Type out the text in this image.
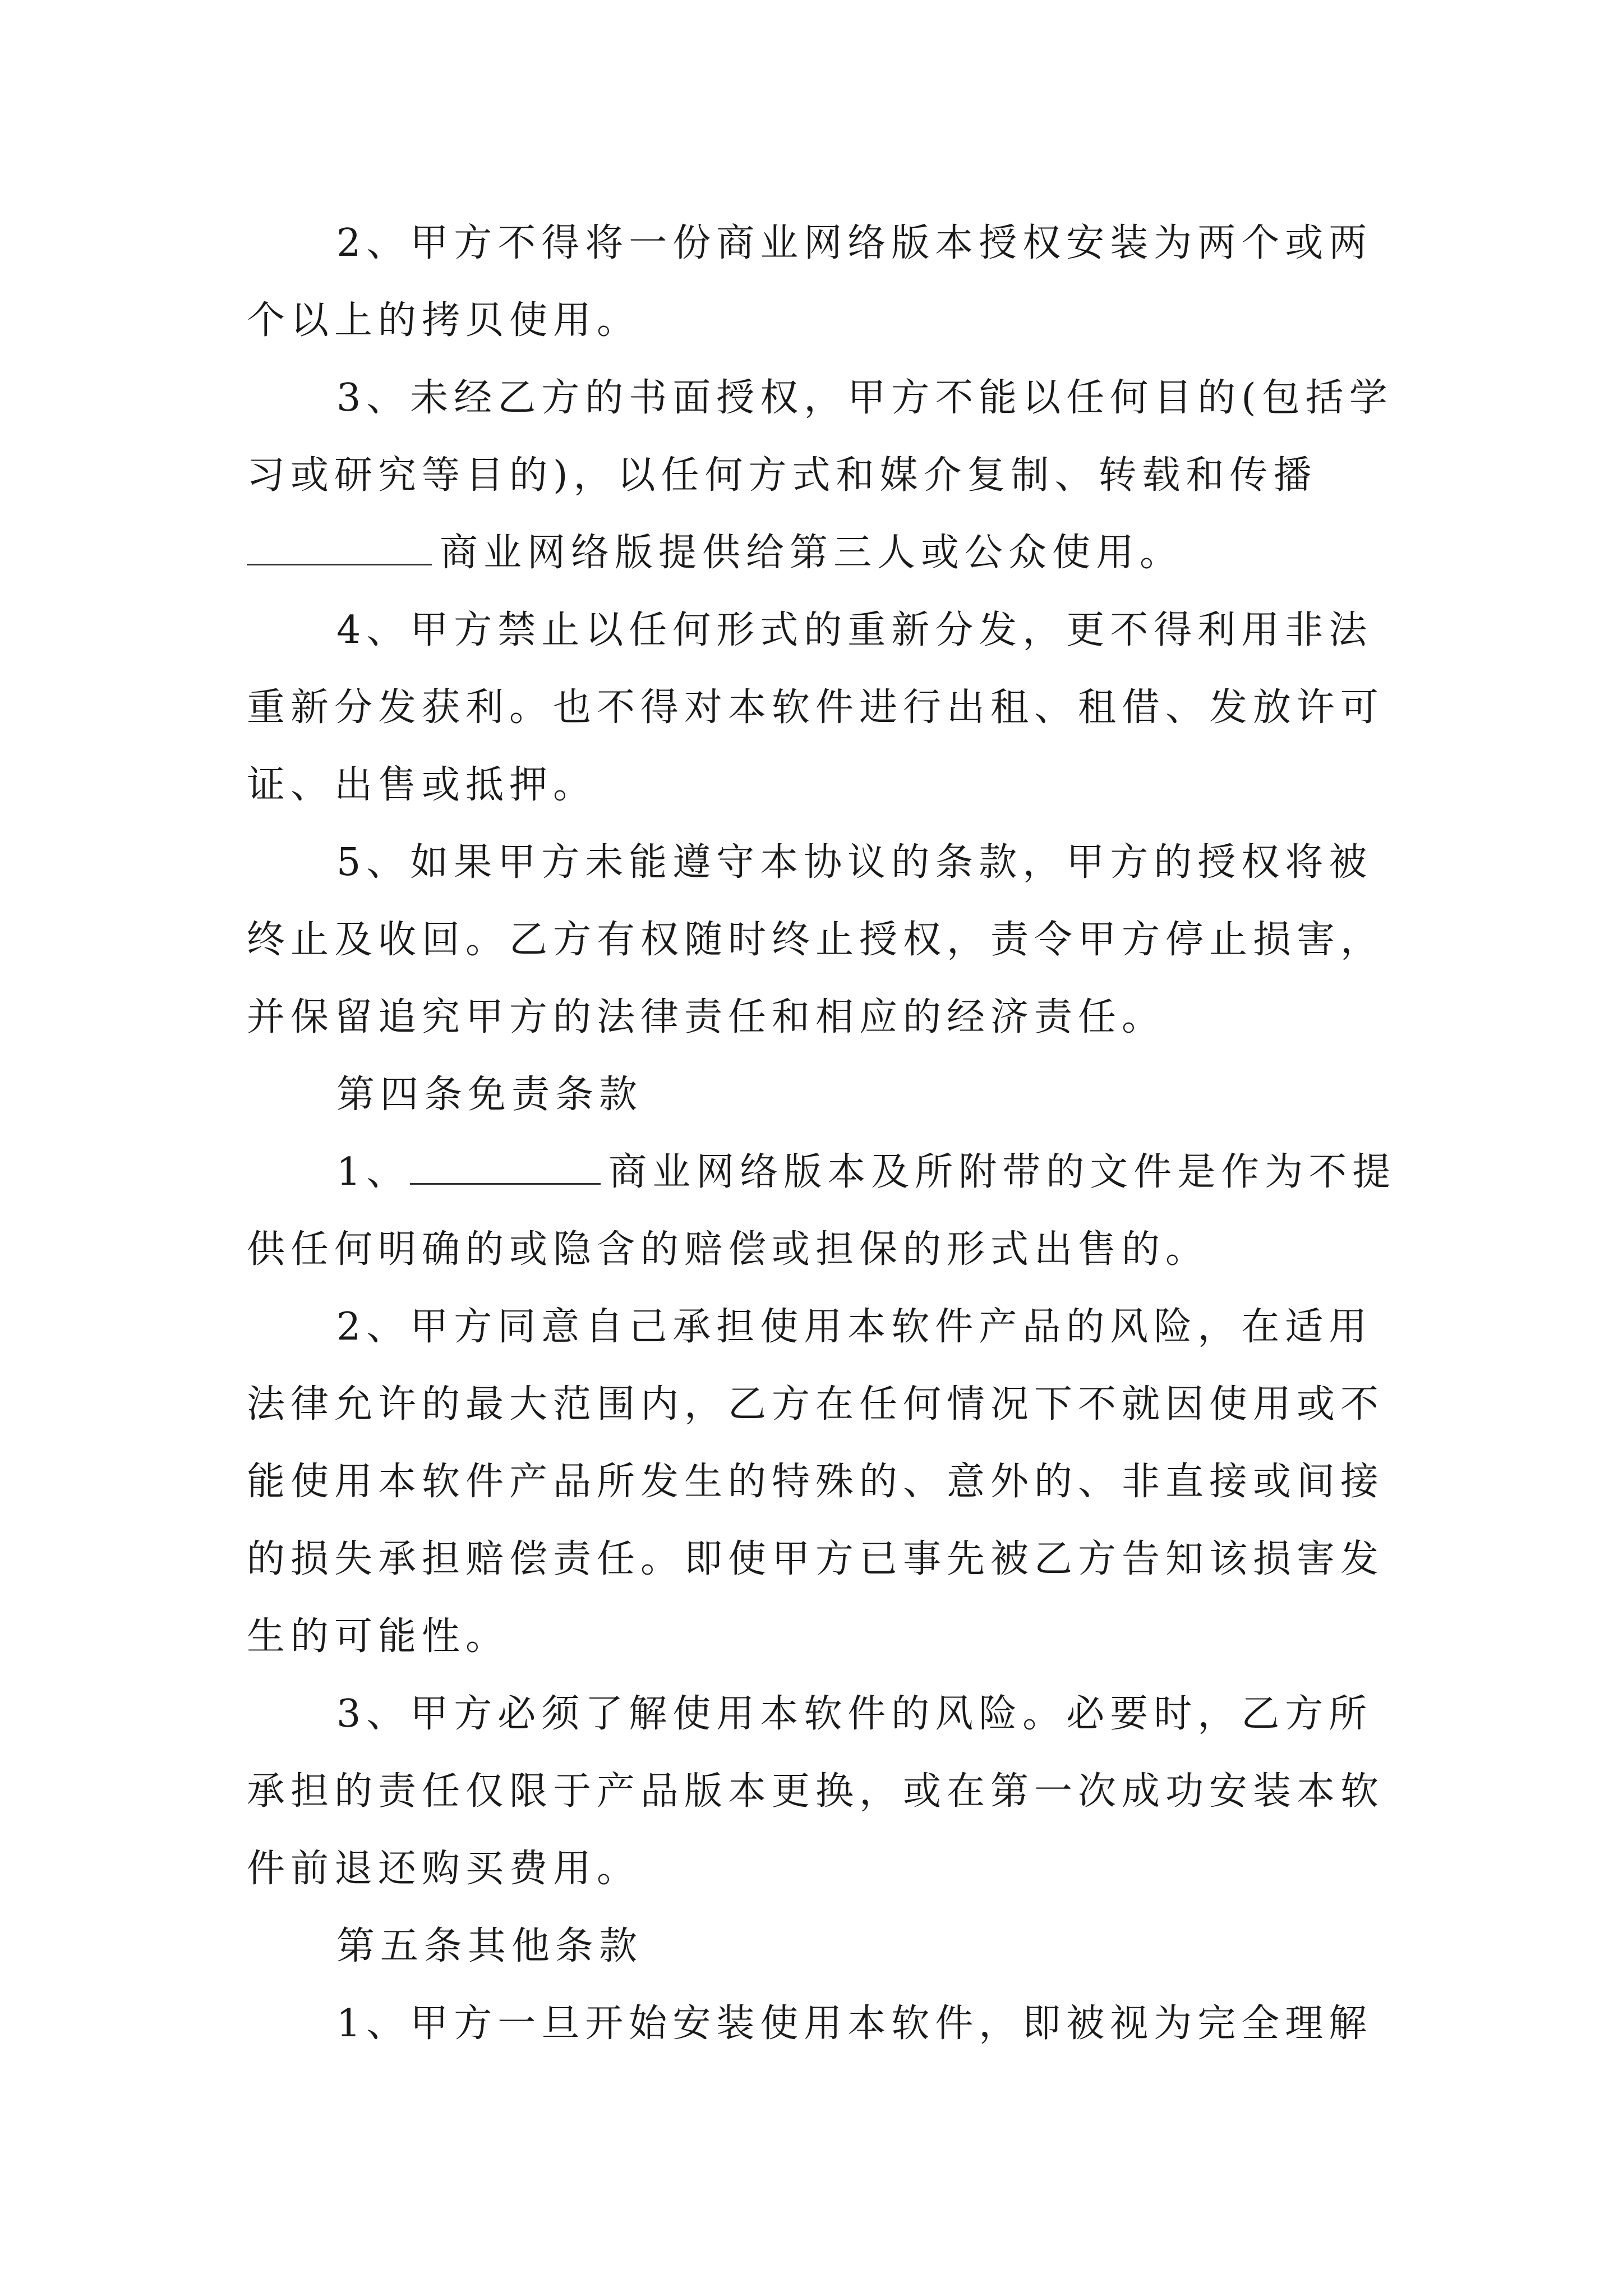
2、甲方不得将一份商业网络版本授权安装为两个或两
个以上的拷贝使用。
3、未经乙方的书面授权，甲方不能以任何目的(包括学
习或研究等目的)，以任何方式和媒介复制、转载和传播
商业网络版提供给第三人或公众使用。
4、甲方禁止以任何形式的重新分发，更不得利用非法
重新分发获利。也不得对本软件进行出租、租借、发放许可
证、出售或抵押。
5、如果甲方未能遵守本协议的条款，甲方的授权将被
终止及收回。乙方有权随时终止授权，责令甲方停止损害，
并保留追究甲方的法律责任和相应的经济责任。
第四条免责条款
1、	商业网络版本及所附带的文件是作为不提
供任何明确的或隐含的赔偿或担保的形式出售的。
2、甲方同意自己承担使用本软件产品的风险，在适用
法律允许的最大范围内，乙方在任何情况下不就因使用或不
能使用本软件产品所发生的特殊的、意外的、非直接或间接
的损失承担赔偿责任。即使甲方已事先被乙方告知该损害发
生的可能性。
3、甲方必须了解使用本软件的风险。必要时，乙方所
承担的责任仅限于产品版本更换，或在第一次成功安装本软
件前退还购买费用。
第五条其他条款
1、甲方一旦开始安装使用本软件，即被视为完全理解
